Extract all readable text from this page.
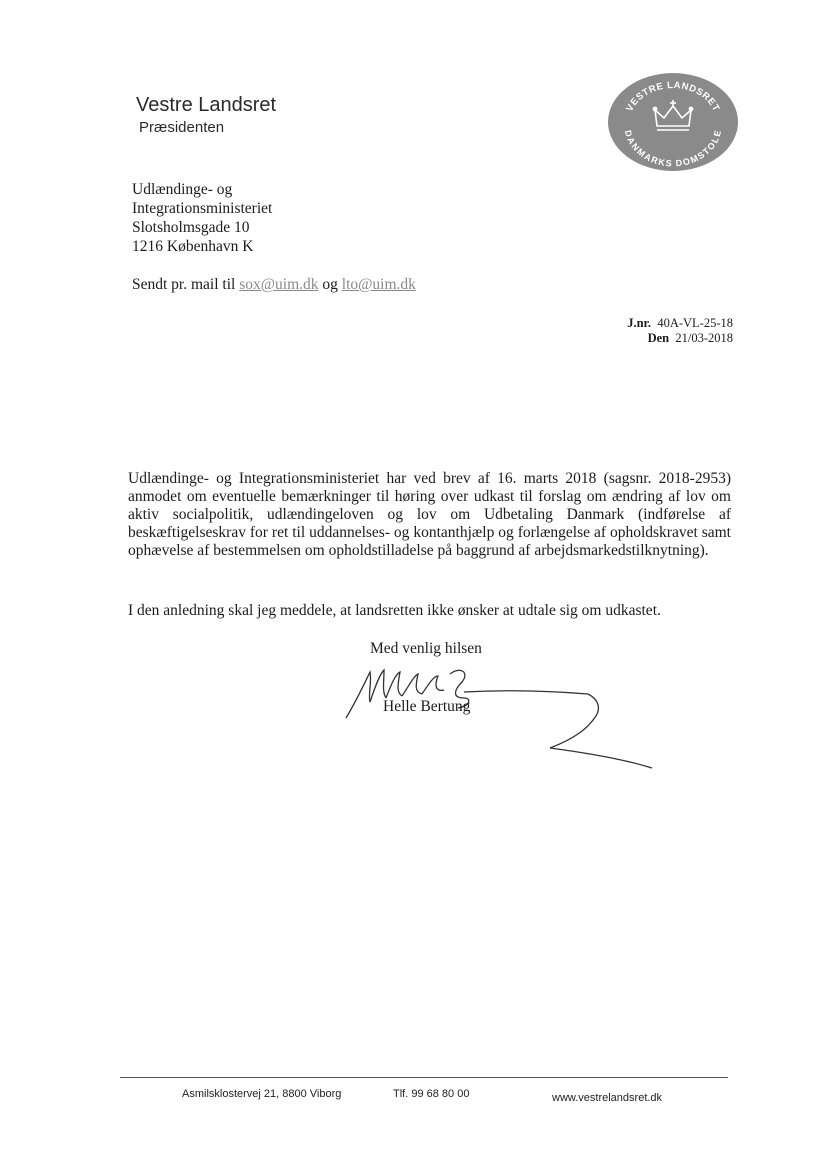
Vestre Landsret
Præsidenten
VESTRE LANDSRET
DANMARKS DOMSTOLE
Udlændinge- og
Integrationsministeriet
Slotsholmsgade 10
1216 København K
Sendt pr. mail til sox@uim.dk og lto@uim.dk
J.nr. 40A-VL-25-18
Den 21/03-2018
Udlændinge- og Integrationsministeriet har ved brev af 16. marts 2018 (sagsnr. 2018-2953) anmodet om eventuelle bemærkninger til høring over udkast til forslag om ændring af lov om aktiv socialpolitik, udlændingeloven og lov om Udbetaling Danmark (indførelse af beskæftigelseskrav for ret til uddannelses- og kontanthjælp og forlængelse af opholdskravet samt ophævelse af bestemmelsen om opholdstilladelse på baggrund af arbejdsmarkedstilknytning).
I den anledning skal jeg meddele, at landsretten ikke ønsker at udtale sig om udkastet.
Med venlig hilsen
Helle Bertung
Asmilsklostervej 21, 8800 Viborg	Tlf. 99 68 80 00	www.vestrelandsret.dk
